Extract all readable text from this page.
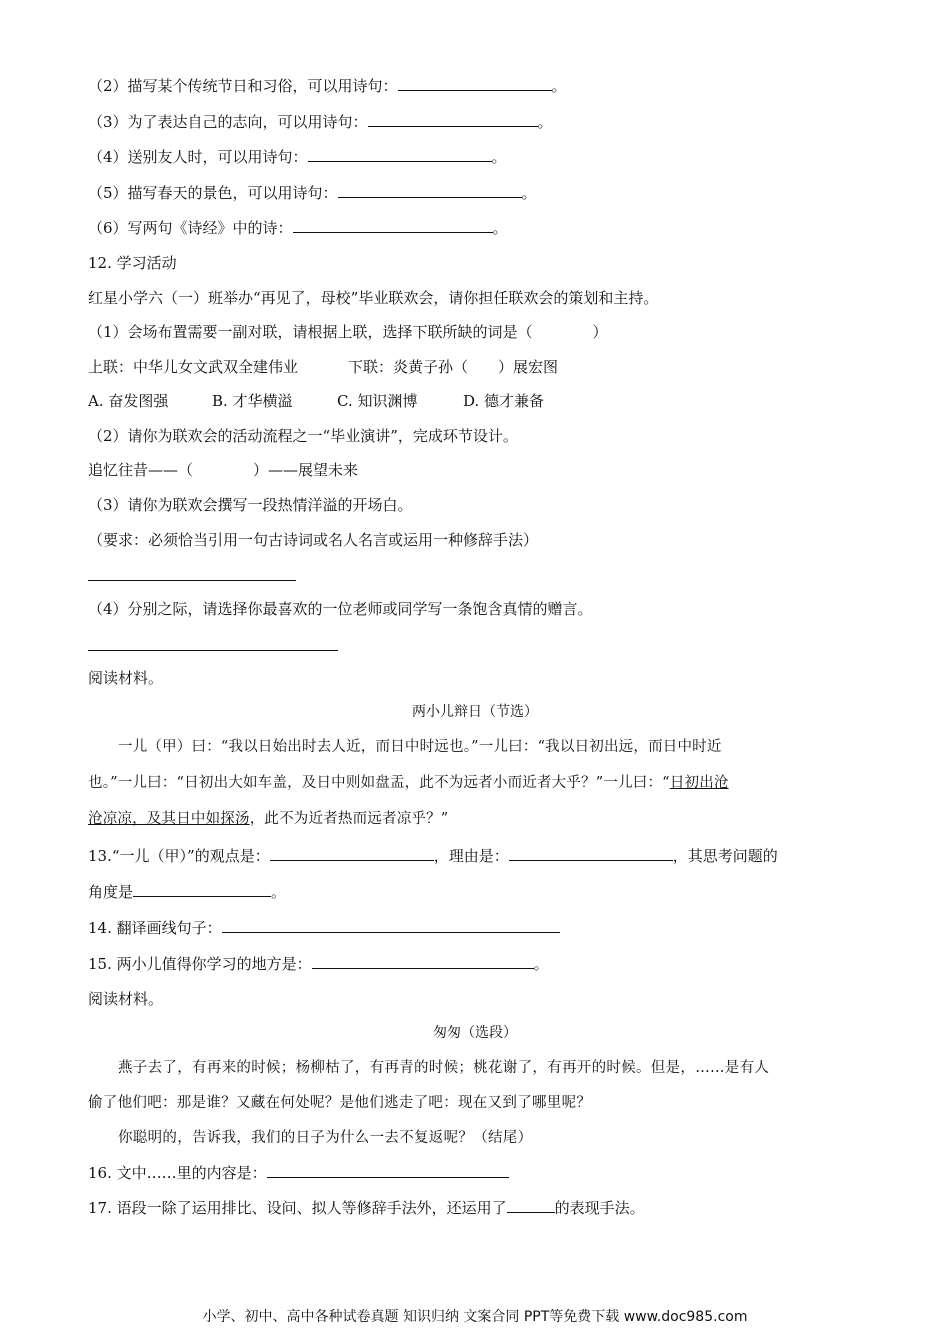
（2）描写某个传统节日和习俗，可以用诗句：	。
（3）为了表达自己的志向，可以用诗句：	。
（4）送别友人时，可以用诗句：	。
（5）描写春天的景色，可以用诗句：	。
（6）写两句《诗经》中的诗：	。
12. 学习活动
红星小学六（一）班举办“再见了，母校”毕业联欢会，请你担任联欢会的策划和主持。
（1）会场布置需要一副对联，请根据上联，选择下联所缺的词是（　　　　）
上联：中华儿女文武双全建伟业	下联：炎黄子孙（　　）展宏图
A. 奋发图强	B. 才华横溢	C. 知识渊博	D. 德才兼备
（2）请你为联欢会的活动流程之一“毕业演讲”，完成环节设计。
追忆往昔——（　　　　）——展望未来
（3）请你为联欢会撰写一段热情洋溢的开场白。
（要求：必须恰当引用一句古诗词或名人名言或运用一种修辞手法）
（4）分别之际，请选择你最喜欢的一位老师或同学写一条饱含真情的赠言。
阅读材料。
两小儿辩日（节选）
一儿（甲）曰：“我以日始出时去人近，而日中时远也。”一儿曰：“我以日初出远，而日中时近
也。”一儿曰：“日初出大如车盖，及日中则如盘盂，此不为远者小而近者大乎？”一儿曰：“日初出沧
沧凉凉，及其日中如探汤，此不为近者热而远者凉乎？”
13.“一儿（甲）”的观点是：	，理由是：	，其思考问题的
角度是	。
14. 翻译画线句子：
15. 两小儿值得你学习的地方是：	。
阅读材料。
匆匆（选段）
燕子去了，有再来的时候；杨柳枯了，有再青的时候；桃花谢了，有再开的时候。但是，……是有人
偷了他们吧：那是谁？又藏在何处呢？是他们逃走了吧：现在又到了哪里呢？
你聪明的，告诉我，我们的日子为什么一去不复返呢？（结尾）
16. 文中……里的内容是：
17. 语段一除了运用排比、设问、拟人等修辞手法外，还运用了	的表现手法。
小学、初中、高中各种试卷真题 知识归纳 文案合同 PPT等免费下载 www.doc985.com
